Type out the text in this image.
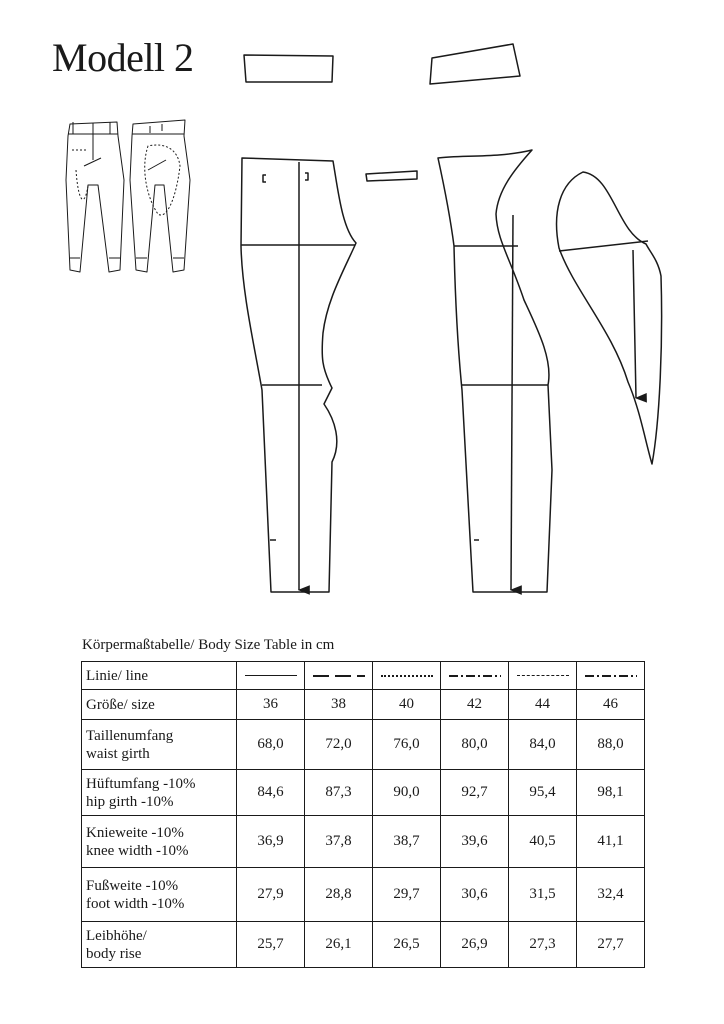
Modell 2
Körpermaßtabelle/ Body Size Table in cm
Linie/ line	

Größe/ size	36	38	40	42	44	46

Taillenumfang
waist girth	68,0	72,0	76,0	80,0	84,0	88,0

Hüftumfang -10%
hip girth -10%	84,6	87,3	90,0	92,7	95,4	98,1

Knieweite -10%
knee width -10%	36,9	37,8	38,7	39,6	40,5	41,1

Fußweite -10%
foot width -10%	27,9	28,8	29,7	30,6	31,5	32,4

Leibhöhe/
body rise	25,7	26,1	26,5	26,9	27,3	27,7
